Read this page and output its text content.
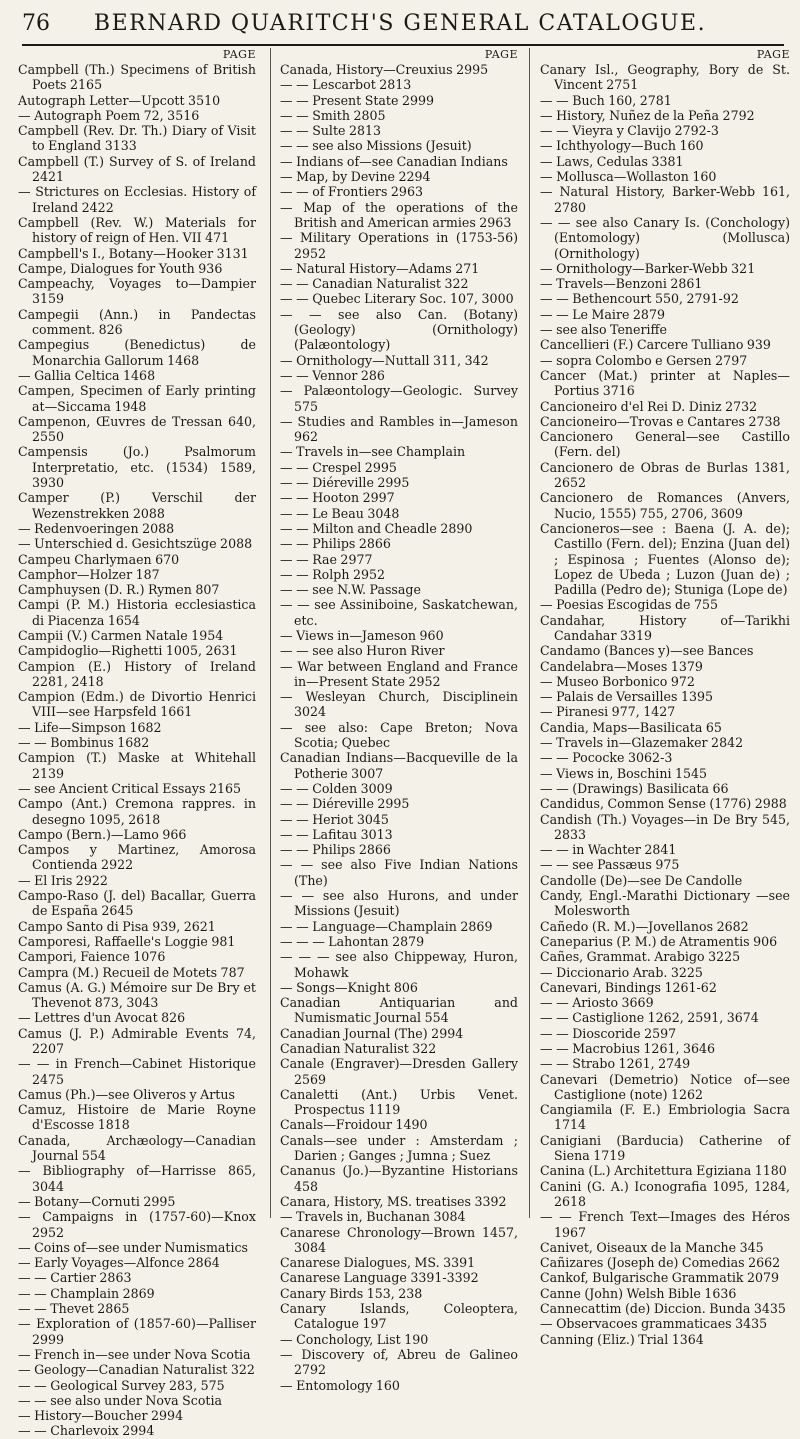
76	BERNARD QUARITCH'S GENERAL CATALOGUE.
PAGE
Campbell (Th.) Specimens of British Poets 2165
Autograph Letter—Upcott 3510
— Autograph Poem 72, 3516
Campbell (Rev. Dr. Th.) Diary of Visit to England 3133
Campbell (T.) Survey of S. of Ireland 2421
— Strictures on Ecclesias. History of Ireland 2422
Campbell (Rev. W.) Materials for history of reign of Hen. VII 471
Campbell's I., Botany—Hooker 3131
Campe, Dialogues for Youth 936
Campeachy, Voyages to—Dampier 3159
Campegii (Ann.) in Pandectas comment. 826
Campegius (Benedictus) de Monarchia Gallorum 1468
— Gallia Celtica 1468
Campen, Specimen of Early printing at—Siccama 1948
Campenon, Œuvres de Tressan 640, 2550
Campensis (Jo.) Psalmorum Interpretatio, etc. (1534) 1589, 3930
Camper (P.) Verschil der Wezenstrekken 2088
— Redenvoeringen 2088
— Unterschied d. Gesichtszüge 2088
Campeu Charlymaen 670
Camphor—Holzer 187
Camphuysen (D. R.) Rymen 807
Campi (P. M.) Historia ecclesiastica di Piacenza 1654
Campii (V.) Carmen Natale 1954
Campidoglio—Righetti 1005, 2631
Campion (E.) History of Ireland 2281, 2418
Campion (Edm.) de Divortio Henrici VIII—see Harpsfeld 1661
— Life—Simpson 1682
— — Bombinus 1682
Campion (T.) Maske at Whitehall 2139
— see Ancient Critical Essays 2165
Campo (Ant.) Cremona rappres. in desegno 1095, 2618
Campo (Bern.)—Lamo 966
Campos y Martinez, Amorosa Contienda 2922
— El Iris 2922
Campo-Raso (J. del) Bacallar, Guerra de España 2645
Campo Santo di Pisa 939, 2621
Camporesi, Raffaelle's Loggie 981
Campori, Faience 1076
Campra (M.) Recueil de Motets 787
Camus (A. G.) Mémoire sur De Bry et Thevenot 873, 3043
— Lettres d'un Avocat 826
Camus (J. P.) Admirable Events 74, 2207
— — in French—Cabinet Historique 2475
Camus (Ph.)—see Oliveros y Artus
Camuz, Histoire de Marie Royne d'Escosse 1818
Canada, Archæology—Canadian Journal 554
— Bibliography of—Harrisse 865, 3044
— Botany—Cornuti 2995
— Campaigns in (1757-60)—Knox 2952
— Coins of—see under Numismatics
— Early Voyages—Alfonce 2864
— — Cartier 2863
— — Champlain 2869
— — Thevet 2865
— Exploration of (1857-60)—Palliser 2999
— French in—see under Nova Scotia
— Geology—Canadian Naturalist 322
— — Geological Survey 283, 575
— — see also under Nova Scotia
— History—Boucher 2994
— — Charlevoix 2994
PAGE
Canada, History—Creuxius 2995
— — Lescarbot 2813
— — Present State 2999
— — Smith 2805
— — Sulte 2813
— — see also Missions (Jesuit)
— Indians of—see Canadian Indians
— Map, by Devine 2294
— — of Frontiers 2963
— Map of the operations of the British and American armies 2963
— Military Operations in (1753-56) 2952
— Natural History—Adams 271
— — Canadian Naturalist 322
— — Quebec Literary Soc. 107, 3000
— — see also Can. (Botany) (Geology) (Ornithology) (Palæontology)
— Ornithology—Nuttall 311, 342
— — Vennor 286
— Palæontology—Geologic. Survey 575
— Studies and Rambles in—Jameson 962
— Travels in—see Champlain
— — Crespel 2995
— — Diéreville 2995
— — Hooton 2997
— — Le Beau 3048
— — Milton and Cheadle 2890
— — Philips 2866
— — Rae 2977
— — Rolph 2952
— — see N.W. Passage
— — see Assiniboine, Saskatchewan, etc.
— Views in—Jameson 960
— — see also Huron River
— War between England and France in—Present State 2952
— Wesleyan Church, Disciplinein 3024
— see also: Cape Breton; Nova Scotia; Quebec
Canadian Indians—Bacqueville de la Potherie 3007
— — Colden 3009
— — Diéreville 2995
— — Heriot 3045
— — Lafitau 3013
— — Philips 2866
— — see also Five Indian Nations (The)
— — see also Hurons, and under Missions (Jesuit)
— — Language—Champlain 2869
— — — Lahontan 2879
— — — see also Chippeway, Huron, Mohawk
— Songs—Knight 806
Canadian Antiquarian and Numismatic Journal 554
Canadian Journal (The) 2994
Canadian Naturalist 322
Canale (Engraver)—Dresden Gallery 2569
Canaletti (Ant.) Urbis Venet. Prospectus 1119
Canals—Froidour 1490
Canals—see under : Amsterdam ; Darien ; Ganges ; Jumna ; Suez
Cananus (Jo.)—Byzantine Historians 458
Canara, History, MS. treatises 3392
— Travels in, Buchanan 3084
Canarese Chronology—Brown 1457, 3084
Canarese Dialogues, MS. 3391
Canarese Language 3391-3392
Canary Birds 153, 238
Canary Islands, Coleoptera, Catalogue 197
— Conchology, List 190
— Discovery of, Abreu de Galineo 2792
— Entomology 160
PAGE
Canary Isl., Geography, Bory de St. Vincent 2751
— — Buch 160, 2781
— History, Nuñez de la Peña 2792
— — Vieyra y Clavijo 2792-3
— Ichthyology—Buch 160
— Laws, Cedulas 3381
— Mollusca—Wollaston 160
— Natural History, Barker-Webb 161, 2780
— — see also Canary Is. (Conchology) (Entomology) (Mollusca) (Ornithology)
— Ornithology—Barker-Webb 321
— Travels—Benzoni 2861
— — Bethencourt 550, 2791-92
— — Le Maire 2879
— see also Teneriffe
Cancellieri (F.) Carcere Tulliano 939
— sopra Colombo e Gersen 2797
Cancer (Mat.) printer at Naples—Portius 3716
Cancioneiro d'el Rei D. Diniz 2732
Cancioneiro—Trovas e Cantares 2738
Cancionero General—see Castillo (Fern. del)
Cancionero de Obras de Burlas 1381, 2652
Cancionero de Romances (Anvers, Nucio, 1555) 755, 2706, 3609
Cancioneros—see : Baena (J. A. de); Castillo (Fern. del); Enzina (Juan del) ; Espinosa ; Fuentes (Alonso de); Lopez de Ubeda ; Luzon (Juan de) ; Padilla (Pedro de); Stuniga (Lope de)
— Poesias Escogidas de 755
Candahar, History of—Tarikhi Candahar 3319
Candamo (Bances y)—see Bances
Candelabra—Moses 1379
— Museo Borbonico 972
— Palais de Versailles 1395
— Piranesi 977, 1427
Candia, Maps—Basilicata 65
— Travels in—Glazemaker 2842
— — Pococke 3062-3
— Views in, Boschini 1545
— — (Drawings) Basilicata 66
Candidus, Common Sense (1776) 2988
Candish (Th.) Voyages—in De Bry 545, 2833
— — in Wachter 2841
— — see Passæus 975
Candolle (De)—see De Candolle
Candy, Engl.-Marathi Dictionary —see Molesworth
Cañedo (R. M.)—Jovellanos 2682
Caneparius (P. M.) de Atramentis 906
Cañes, Grammat. Arabigo 3225
— Diccionario Arab. 3225
Canevari, Bindings 1261-62
— — Ariosto 3669
— — Castiglione 1262, 2591, 3674
— — Dioscoride 2597
— — Macrobius 1261, 3646
— — Strabo 1261, 2749
Canevari (Demetrio) Notice of—see Castiglione (note) 1262
Cangiamila (F. E.) Embriologia Sacra 1714
Canigiani (Barducia) Catherine of Siena 1719
Canina (L.) Architettura Egiziana 1180
Canini (G. A.) Iconografia 1095, 1284, 2618
— — French Text—Images des Héros 1967
Canivet, Oiseaux de la Manche 345
Cañizares (Joseph de) Comedias 2662
Cankof, Bulgarische Grammatik 2079
Canne (John) Welsh Bible 1636
Cannecattim (de) Diccion. Bunda 3435
— Observacoes grammaticaes 3435
Canning (Eliz.) Trial 1364
